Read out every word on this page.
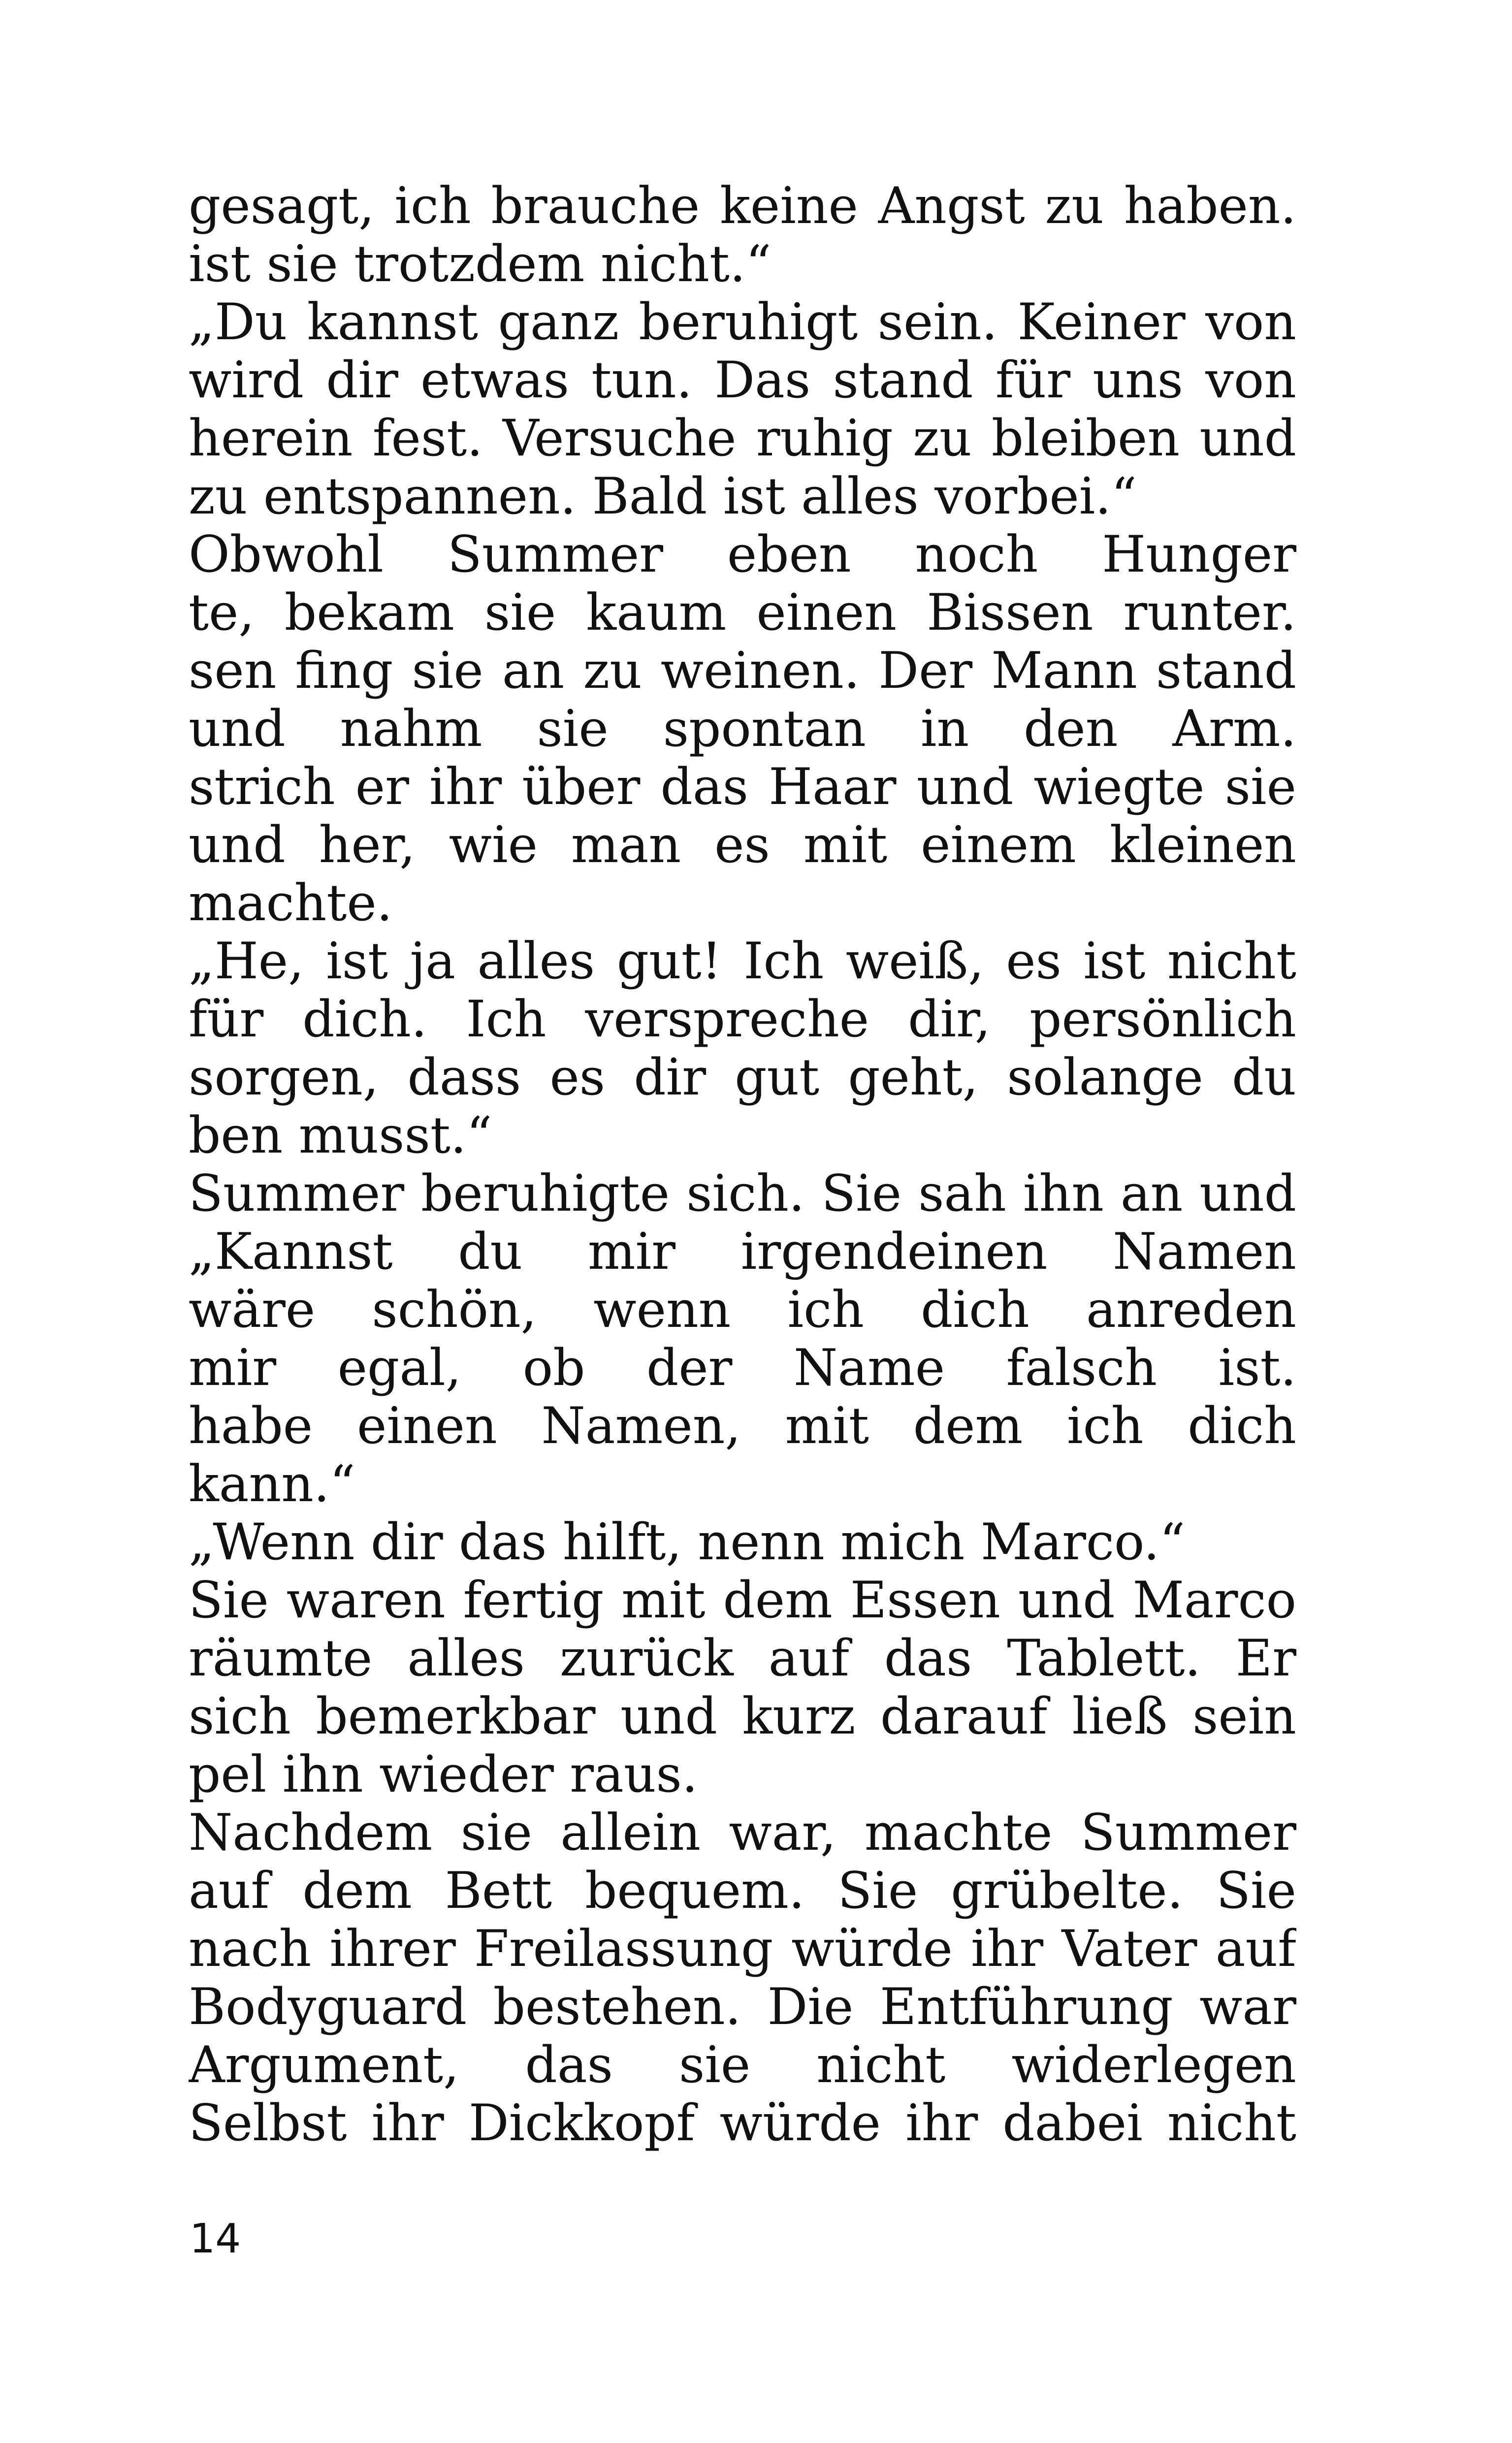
gesagt, ich brauche keine Angst zu haben.
ist sie trotzdem nicht.“
„Du kannst ganz beruhigt sein. Keiner von
wird dir etwas tun. Das stand für uns von
herein fest. Versuche ruhig zu bleiben und
zu entspannen. Bald ist alles vorbei.“
Obwohl Summer eben noch Hunger
te, bekam sie kaum einen Bissen runter.
sen fing sie an zu weinen. Der Mann stand
und nahm sie spontan in den Arm.
strich er ihr über das Haar und wiegte sie
und her, wie man es mit einem kleinen
machte.
„He, ist ja alles gut! Ich weiß, es ist nicht
für dich. Ich verspreche dir, persönlich
sorgen, dass es dir gut geht, solange du
ben musst.“
Summer beruhigte sich. Sie sah ihn an und
„Kannst du mir irgendeinen Namen
wäre schön, wenn ich dich anreden
mir egal, ob der Name falsch ist.
habe einen Namen, mit dem ich dich
kann.“
„Wenn dir das hilft, nenn mich Marco.“
Sie waren fertig mit dem Essen und Marco
räumte alles zurück auf das Tablett. Er
sich bemerkbar und kurz darauf ließ sein
pel ihn wieder raus.
Nachdem sie allein war, machte Summer
auf dem Bett bequem. Sie grübelte. Sie
nach ihrer Freilassung würde ihr Vater auf
Bodyguard bestehen. Die Entführung war
Argument, das sie nicht widerlegen
Selbst ihr Dickkopf würde ihr dabei nicht
14
